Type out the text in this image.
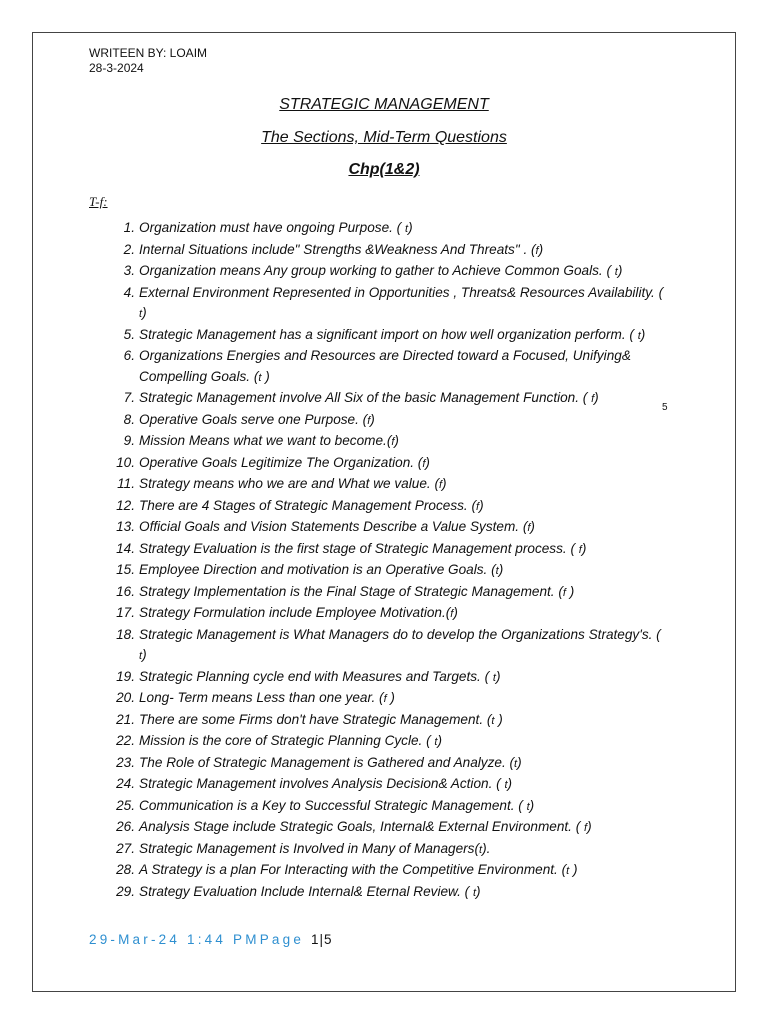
WRITEEN BY: LOAIM
28-3-2024
STRATEGIC MANAGEMENT
The Sections, Mid-Term Questions
Chp(1&2)
T-f:
1. Organization must have ongoing Purpose. ( t)
2. Internal Situations include" Strengths &Weakness And Threats" . (f)
3. Organization means Any group working to gather to Achieve Common Goals. ( t)
4. External Environment Represented in Opportunities , Threats& Resources Availability. ( t)
5. Strategic Management has a significant import on how well organization perform. ( t)
6. Organizations Energies and Resources are Directed toward a Focused, Unifying& Compelling Goals. (t )
7. Strategic Management involve All Six of the basic Management Function. ( f)
8. Operative Goals serve one Purpose. (f)
9. Mission Means what we want to become.(f)
10. Operative Goals Legitimize The Organization. (f)
11. Strategy means who we are and What we value. (f)
12. There are 4 Stages of Strategic Management Process. (f)
13. Official Goals and Vision Statements Describe a Value System. (f)
14. Strategy Evaluation is the first stage of Strategic Management process. ( f)
15. Employee Direction and motivation is an Operative Goals. (t)
16. Strategy Implementation is the Final Stage of Strategic Management. (f )
17. Strategy Formulation include Employee Motivation.(f)
18. Strategic Management is What Managers do to develop the Organizations Strategy's. ( t)
19. Strategic Planning cycle end with Measures and Targets. ( t)
20. Long- Term means Less than one year. (f )
21. There are some Firms don't have Strategic Management. (t )
22. Mission is the core of Strategic Planning Cycle. ( t)
23. The Role of Strategic Management is Gathered and Analyze. (t)
24. Strategic Management involves Analysis Decision& Action. ( t)
25. Communication is a Key to Successful Strategic Management. ( t)
26. Analysis Stage include Strategic Goals, Internal& External Environment. ( f)
27. Strategic Management is Involved in Many of Managers(t).
28. A Strategy is a plan For Interacting with the Competitive Environment. (t )
29. Strategy Evaluation Include Internal& Eternal Review. ( t)
5
29-Mar-24 1:44 PMPage 1|5
